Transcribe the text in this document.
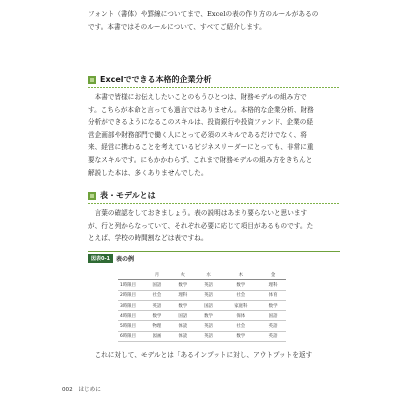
フォント（書体）や罫線についてまで、Excelの表の作り方のルールがあるの

です。本書ではそのルールについて、すべてご紹介します。

Excelでできる本格的企業分析

本書で皆様にお伝えしたいことのもうひとつは、財務モデルの組み方で

す。こちらが本命と言っても過言ではありません。本格的な企業分析、財務

分析ができるようになるこのスキルは、投資銀行や投資ファンド、企業の経

営企画部や財務部門で働く人にとって必須のスキルであるだけでなく、将

来、経営に携わることを考えているビジネスリーダーにとっても、非常に重

要なスキルです。にもかかわらず、これまで財務モデルの組み方をきちんと

解説した本は、多くありませんでした。

表・モデルとは

言葉の確認をしておきましょう。表の説明はあまり要らないと思います

が、行と列からなっていて、それぞれ必要に応じて項目があるものです。た

とえば、学校の時間割などは表ですね。

図表0-1	表の例
	月	火	水	木	金
1時限目	国語	数学	英語	数学	理科
2時限目	社会	理科	英語	社会	体育
3時限目	英語	数学	国語	家庭科	数学
4時限目	数学	国語	数学	保体	国語
5時限目	物理	体読	英語	社会	英語
6時限目	図画	体読	英語	数学	英語

これに対して、モデルとは「あるインプットに対し、アウトプットを返す

002 はじめに
